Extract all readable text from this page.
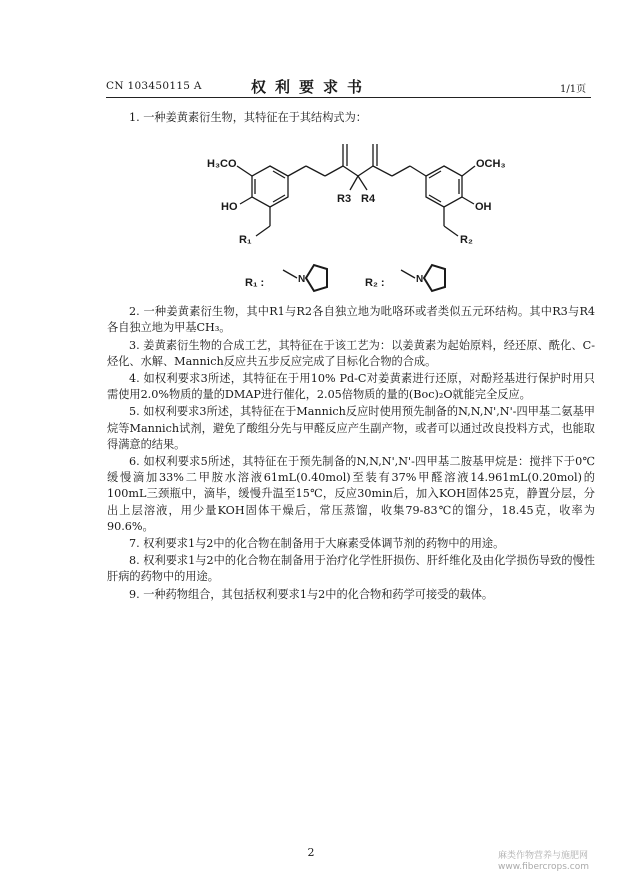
CN 103450115 A	权利要求书	1/1页

1. 一种姜黄素衍生物，其特征在于其结构式为：

H₃CO
HO
R₁
R3 R4
OCH₃
OH
R₂
R₁ :	N	R₂ :	N

2. 一种姜黄素衍生物，其中R1与R2各自独立地为吡咯环或者类似五元环结构。其中R3与R4各自独立地为甲基CH₃。

3. 姜黄素衍生物的合成工艺，其特征在于该工艺为：以姜黄素为起始原料，经还原、酰化、C-烃化、水解、Mannich反应共五步反应完成了目标化合物的合成。

4. 如权利要求3所述，其特征在于用10% Pd-C对姜黄素进行还原，对酚羟基进行保护时用只需使用2.0%物质的量的DMAP进行催化，2.05倍物质的量的(Boc)₂O就能完全反应。

5. 如权利要求3所述，其特征在于Mannich反应时使用预先制备的N,N,N',N'-四甲基二氨基甲烷等Mannich试剂，避免了酸组分先与甲醛反应产生副产物，或者可以通过改良投料方式，也能取得满意的结果。

6. 如权利要求5所述，其特征在于预先制备的N,N,N',N'-四甲基二胺基甲烷是：搅拌下于0℃缓慢滴加33%二甲胺水溶液61mL(0.40mol)至装有37%甲醛溶液14.961mL(0.20mol)的100mL三颈瓶中，滴毕，缓慢升温至15℃，反应30min后，加入KOH固体25克，静置分层，分出上层溶液，用少量KOH固体干燥后，常压蒸馏，收集79-83℃的馏分，18.45克，收率为90.6%。

7. 权利要求1与2中的化合物在制备用于大麻素受体调节剂的药物中的用途。

8. 权利要求1与2中的化合物在制备用于治疗化学性肝损伤、肝纤维化及由化学损伤导致的慢性肝病的药物中的用途。

9. 一种药物组合，其包括权利要求1与2中的化合物和药学可接受的载体。

2	麻类作物营养与施肥网
www.fibercrops.com
